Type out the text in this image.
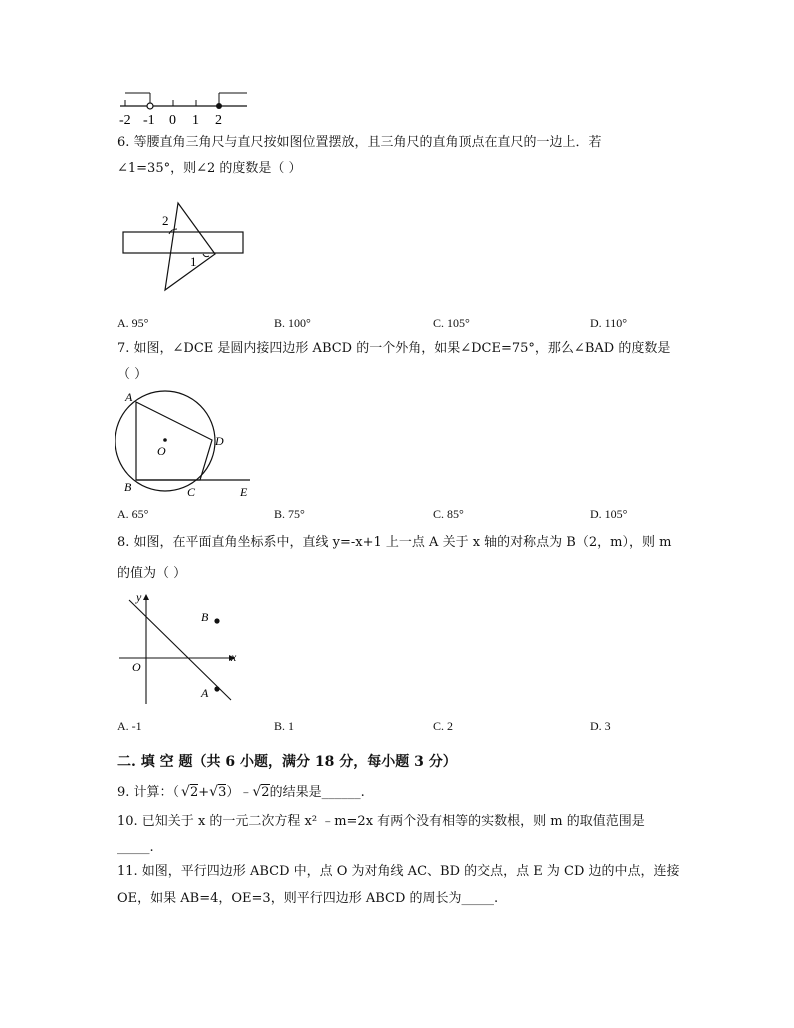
-2 -1 0 1 2
6. 等腰直角三角尺与直尺按如图位置摆放，且三角尺的直角顶点在直尺的一边上．若
∠1=35°，则∠2 的度数是（ ）
2
1
A. 95°	B. 100°	C. 105°	D. 110°
7. 如图，∠DCE 是圆内接四边形 ABCD 的一个外角，如果∠DCE=75°，那么∠BAD 的度数是
（ ）
A
O
D
B	C	E
A. 65°	B. 75°	C. 85°	D. 105°
8. 如图，在平面直角坐标系中，直线 y=-x+1 上一点 A 关于 x 轴的对称点为 B（2，m），则 m
的值为（ ）
y
x
O
B
A
A. -1	B. 1	C. 2	D. 3
二. 填 空 题（共 6 小题，满分 18 分，每小题 3 分）
9. 计算：（ √2+√3）﹣√2的结果是______.
10. 已知关于 x 的一元二次方程 x² ﹣m=2x 有两个没有相等的实数根，则 m 的取值范围是
_____.
11. 如图，平行四边形 ABCD 中，点 O 为对角线 AC、BD 的交点，点 E 为 CD 边的中点，连接
OE，如果 AB=4，OE=3，则平行四边形 ABCD 的周长为_____.
